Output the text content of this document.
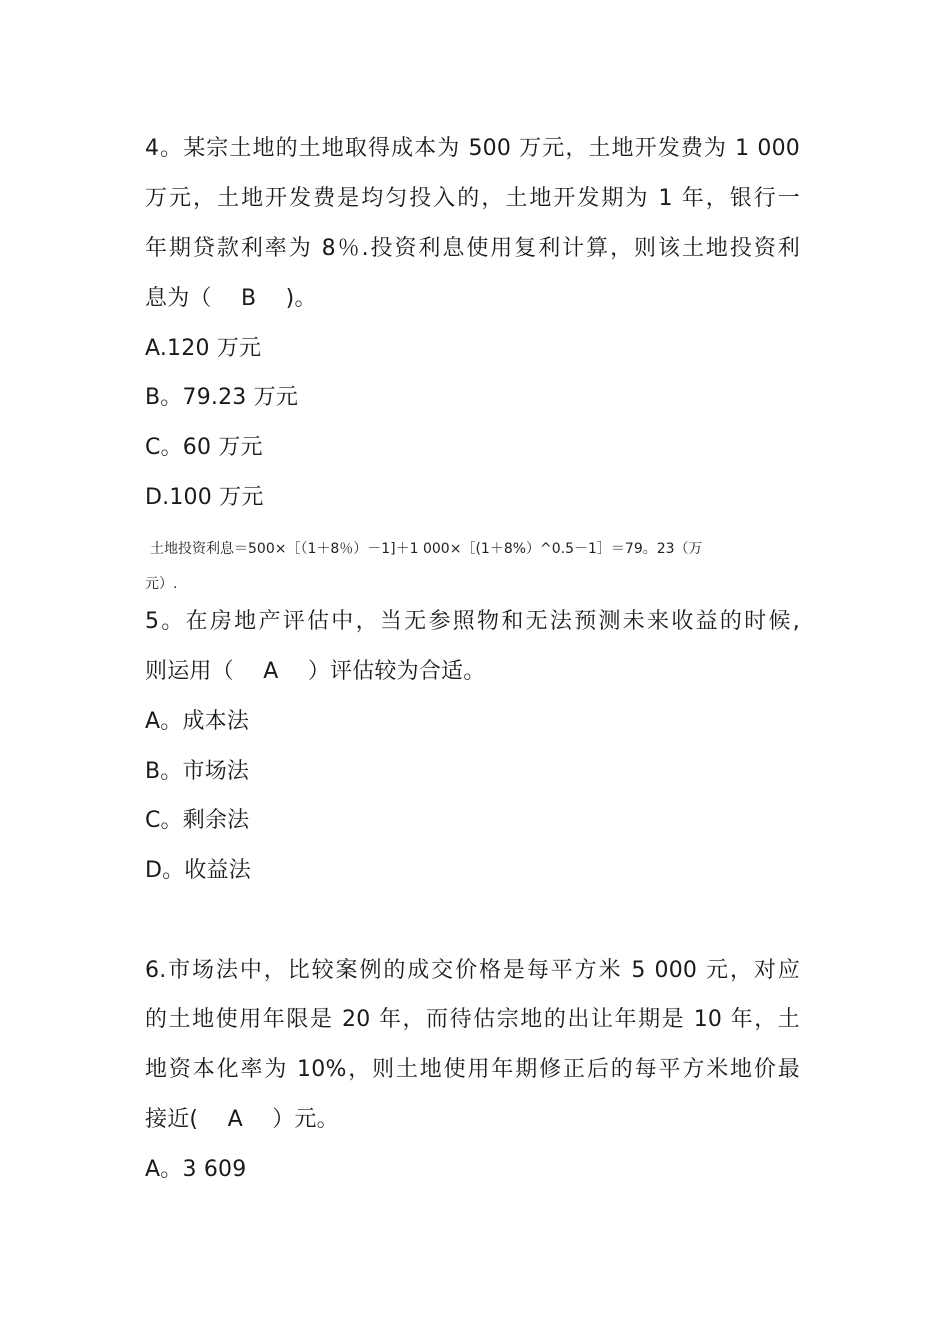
4。某宗土地的土地取得成本为 500 万元，土地开发费为 1 000
万元，土地开发费是均匀投入的，土地开发期为 1 年，银行一
年期贷款利率为 8％.投资利息使用复利计算，则该土地投资利
息为（　 B　 )。
A.120 万元
B。79.23 万元
C。60 万元
D.100 万元
土地投资利息＝500×［（1＋8％）－1]＋1 000×［(1＋8%）^0.5－1］＝79。23（万
元）.
5。在房地产评估中，当无参照物和无法预测未来收益的时候,
则运用（　 A　 ）评估较为合适。
A。成本法
B。市场法
C。剩余法
D。收益法
6.市场法中，比较案例的成交价格是每平方米 5 000 元，对应
的土地使用年限是 20 年，而待估宗地的出让年期是 10 年，土
地资本化率为 10%，则土地使用年期修正后的每平方米地价最
接近(　 A　 ）元。
A。3 609
